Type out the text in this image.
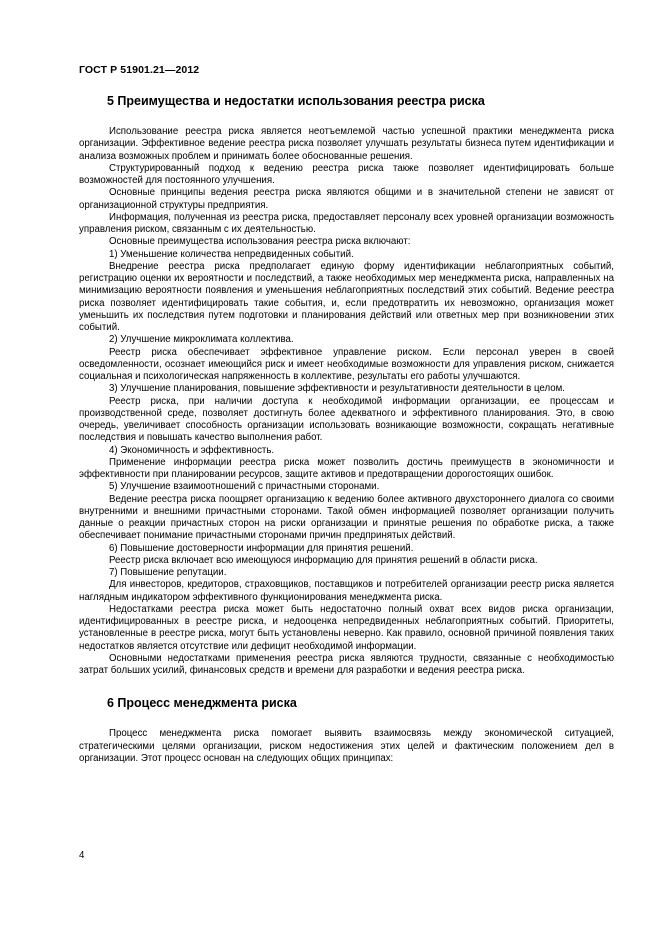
ГОСТ Р 51901.21—2012
5 Преимущества и недостатки использования реестра риска

Использование реестра риска является неотъемлемой частью успешной практики менеджмента риска организации. Эффективное ведение реестра риска позволяет улучшать результаты бизнеса путем идентификации и анализа возможных проблем и принимать более обоснованные решения.

Структурированный подход к ведению реестра риска также позволяет идентифицировать больше возможностей для постоянного улучшения.

Основные принципы ведения реестра риска являются общими и в значительной степени не зависят от организационной структуры предприятия.

Информация, полученная из реестра риска, предоставляет персоналу всех уровней организации возможность управления риском, связанным с их деятельностью.

Основные преимущества использования реестра риска включают:

1) Уменьшение количества непредвиденных событий.

Внедрение реестра риска предполагает единую форму идентификации неблагоприятных событий, регистрацию оценки их вероятности и последствий, а также необходимых мер менеджмента риска, направленных на минимизацию вероятности появления и уменьшения неблагоприятных последствий этих событий. Ведение реестра риска позволяет идентифицировать такие события, и, если предотвратить их невозможно, организация может уменьшить их последствия путем подготовки и планирования действий или ответных мер при возникновении этих событий.

2) Улучшение микроклимата коллектива.

Реестр риска обеспечивает эффективное управление риском. Если персонал уверен в своей осведомленности, осознает имеющийся риск и имеет необходимые возможности для управления риском, снижается социальная и психологическая напряженность в коллективе, результаты его работы улучшаются.

3) Улучшение планирования, повышение эффективности и результативности деятельности в целом.

Реестр риска, при наличии доступа к необходимой информации организации, ее процессам и производственной среде, позволяет достигнуть более адекватного и эффективного планирования. Это, в свою очередь, увеличивает способность организации использовать возникающие возможности, сокращать негативные последствия и повышать качество выполнения работ.

4) Экономичность и эффективность.

Применение информации реестра риска может позволить достичь преимуществ в экономичности и эффективности при планировании ресурсов, защите активов и предотвращении дорогостоящих ошибок.

5) Улучшение взаимоотношений с причастными сторонами.

Ведение реестра риска поощряет организацию к ведению более активного двухстороннего диалога со своими внутренними и внешними причастными сторонами. Такой обмен информацией позволяет организации получить данные о реакции причастных сторон на риски организации и принятые решения по обработке риска, а также обеспечивает понимание причастными сторонами причин предпринятых действий.

6) Повышение достоверности информации для принятия решений.

Реестр риска включает всю имеющуюся информацию для принятия решений в области риска.

7) Повышение репутации.

Для инвесторов, кредиторов, страховщиков, поставщиков и потребителей организации реестр риска является наглядным индикатором эффективного функционирования менеджмента риска.

Недостатками реестра риска может быть недостаточно полный охват всех видов риска организации, идентифицированных в реестре риска, и недооценка непредвиденных неблагоприятных событий. Приоритеты, установленные в реестре риска, могут быть установлены неверно. Как правило, основной причиной появления таких недостатков является отсутствие или дефицит необходимой информации.

Основными недостатками применения реестра риска являются трудности, связанные с необходимостью затрат больших усилий, финансовых средств и времени для разработки и ведения реестра риска.

6 Процесс менеджмента риска

Процесс менеджмента риска помогает выявить взаимосвязь между экономической ситуацией, стратегическими целями организации, риском недостижения этих целей и фактическим положением дел в организации. Этот процесс основан на следующих общих принципах:

4
